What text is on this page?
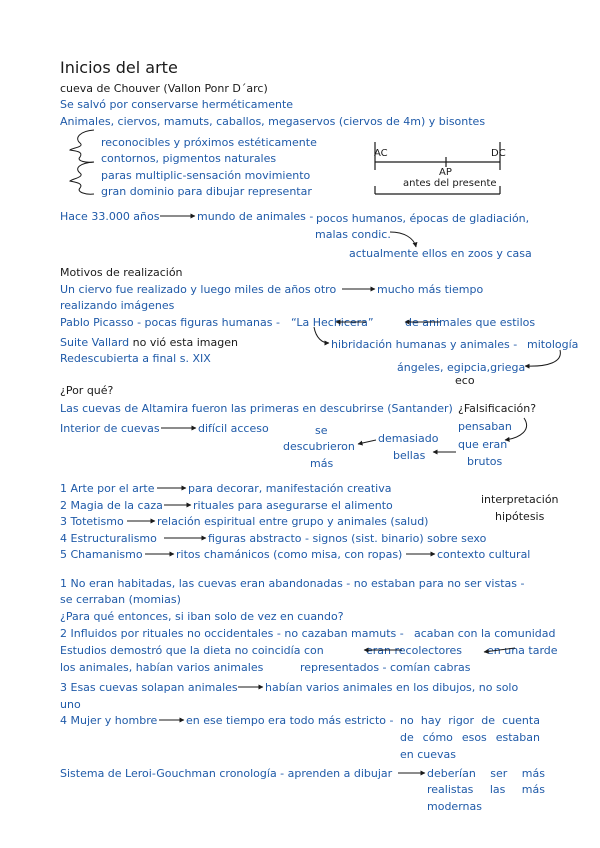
Inicios del arte
cueva de Chouver (Vallon Ponr D´arc)
Se salvó por conservarse herméticamente
Animales, ciervos, mamuts, caballos, megaservos (ciervos de 4m) y bisontes
reconocibles y próximos estéticamente
contornos, pigmentos naturales
paras multiplic-sensación movimiento
gran dominio para dibujar representar
AC	DC
AP
antes del presente
Hace 33.000 años	mundo de animales - pocos humanos, épocas de gladiación,
malas condic.
actualmente ellos en zoos y casa
Motivos de realización
Un ciervo fue realizado y luego miles de años otro	mucho más tiempo
realizando imágenes
Pablo Picasso - pocas figuras humanas - “La Hechicera”	de animales que estilos
Suite Vallard no vió esta imagen	hibridación humanas y animales - mitología
Redescubierta a final s. XIX
ángeles, egipcia,griega
eco
¿Por qué?
Las cuevas de Altamira fueron las primeras en descubrirse (Santander) ¿Falsificación?
Interior de cuevas	difícil acceso	se
descubrieron
más
demasiado
bellas
pensaban
que eran
brutos
1 Arte por el arte	para decorar, manifestación creativa
2 Magia de la caza	rituales para asegurarse el alimento
3 Totetismo	relación espiritual entre grupo y animales (salud)
4 Estructuralismo	figuras abstracto - signos (sist. binario) sobre sexo
5 Chamanismo	ritos chamánicos (como misa, con ropas)	contexto cultural
interpretación
hipótesis
1 No eran habitadas, las cuevas eran abandonadas - no estaban para no ser vistas -
se cerraban (momias)
¿Para qué entonces, si iban solo de vez en cuando?
2 Influidos por rituales no occidentales - no cazaban mamuts - acaban con la comunidad
Estudios demostró que la dieta no coincidía con	eran recolectores en una tarde
los animales, habían varios animales	representados - comían cabras
3 Esas cuevas solapan animales habían varios animales en los dibujos, no solo
uno
4 Mujer y hombre	en ese tiempo era todo más estricto - no hay rigor de cuenta
de cómo esos estaban
en cuevas
Sistema de Leroi-Gouchman cronología - aprenden a dibujar	deberían ser más
realistas las más
modernas
